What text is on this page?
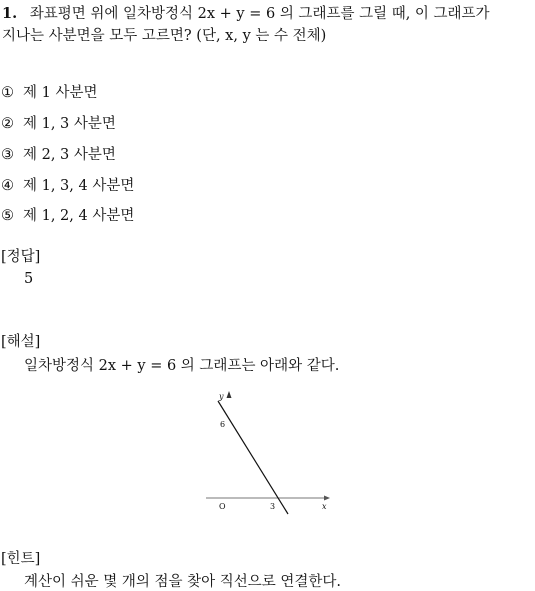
1. 좌표평면 위에 일차방정식 2x + y = 6 의 그래프를 그릴 때, 이 그래프가
지나는 사분면을 모두 고르면? (단, x, y 는 수 전체)
① 제 1 사분면
② 제 1, 3 사분면
③ 제 2, 3 사분면
④ 제 1, 3, 4 사분면
⑤ 제 1, 2, 4 사분면
[정답]
5
[해설]
일차방정식 2x + y = 6 의 그래프는 아래와 같다.
y
6
O	3	x
[힌트]
계산이 쉬운 몇 개의 점을 찾아 직선으로 연결한다.
